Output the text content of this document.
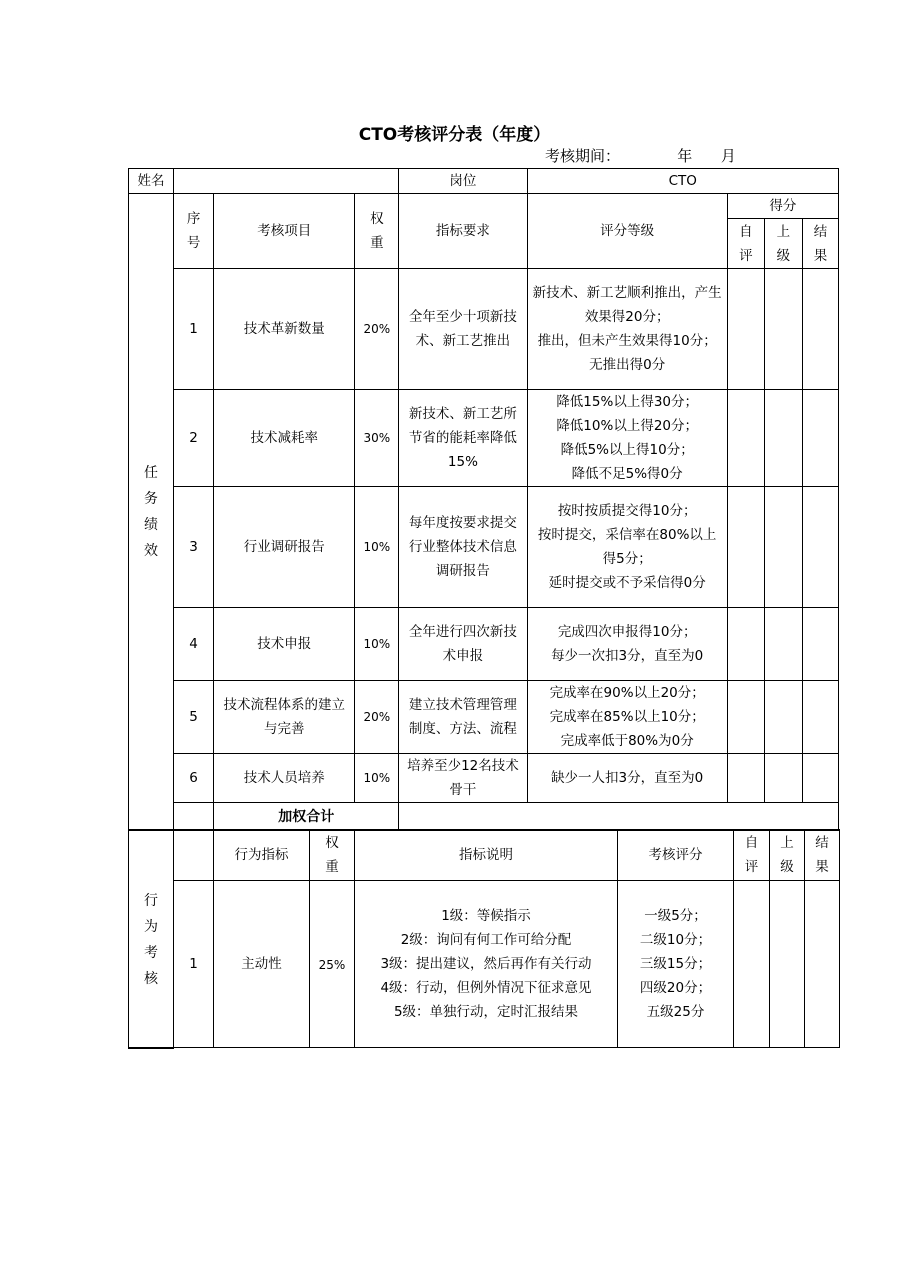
CTO考核评分表（年度）
考核期间：            年      月
姓名				岗位	CTO			
任务绩效	序号	考核项目	权重	指标要求	评分等级	得分		
						自评	上级	结果
	1	技术革新数量	20%	全年至少十项新技术、新工艺推出	新技术、新工艺顺利推出，产生效果得20分；
推出，但未产生效果得10分；
无推出得0分			

	2	技术减耗率	30%	新技术、新工艺所节省的能耗率降低15%	降低15%以上得30分；
降低10%以上得20分；
降低5%以上得10分；
降低不足5%得0分			

	3	行业调研报告	10%	每年度按要求提交行业整体技术信息调研报告	按时按质提交得10分；
按时提交，采信率在80%以上得5分；
延时提交或不予采信得0分			

	4	技术申报	10%	全年进行四次新技术申报	完成四次申报得10分；
每少一次扣3分，直至为0			

	5	技术流程体系的建立与完善	20%	建立技术管理管理制度、方法、流程	完成率在90%以上20分；
完成率在85%以上10分；
完成率低于80%为0分			

	6	技术人员培养	10%	培养至少12名技术骨干	缺少一人扣3分，直至为0			
		加权合计						
行为考核		行为指标	权重	指标说明	考核评分	自评	上级	结果
	1	主动性	25%	1级：等候指示
2级：询问有何工作可给分配
3级：提出建议，然后再作有关行动
4级：行动，但例外情况下征求意见
5级：单独行动，定时汇报结果	一级5分；
二级10分；
三级15分；
四级20分；
五级25分			
